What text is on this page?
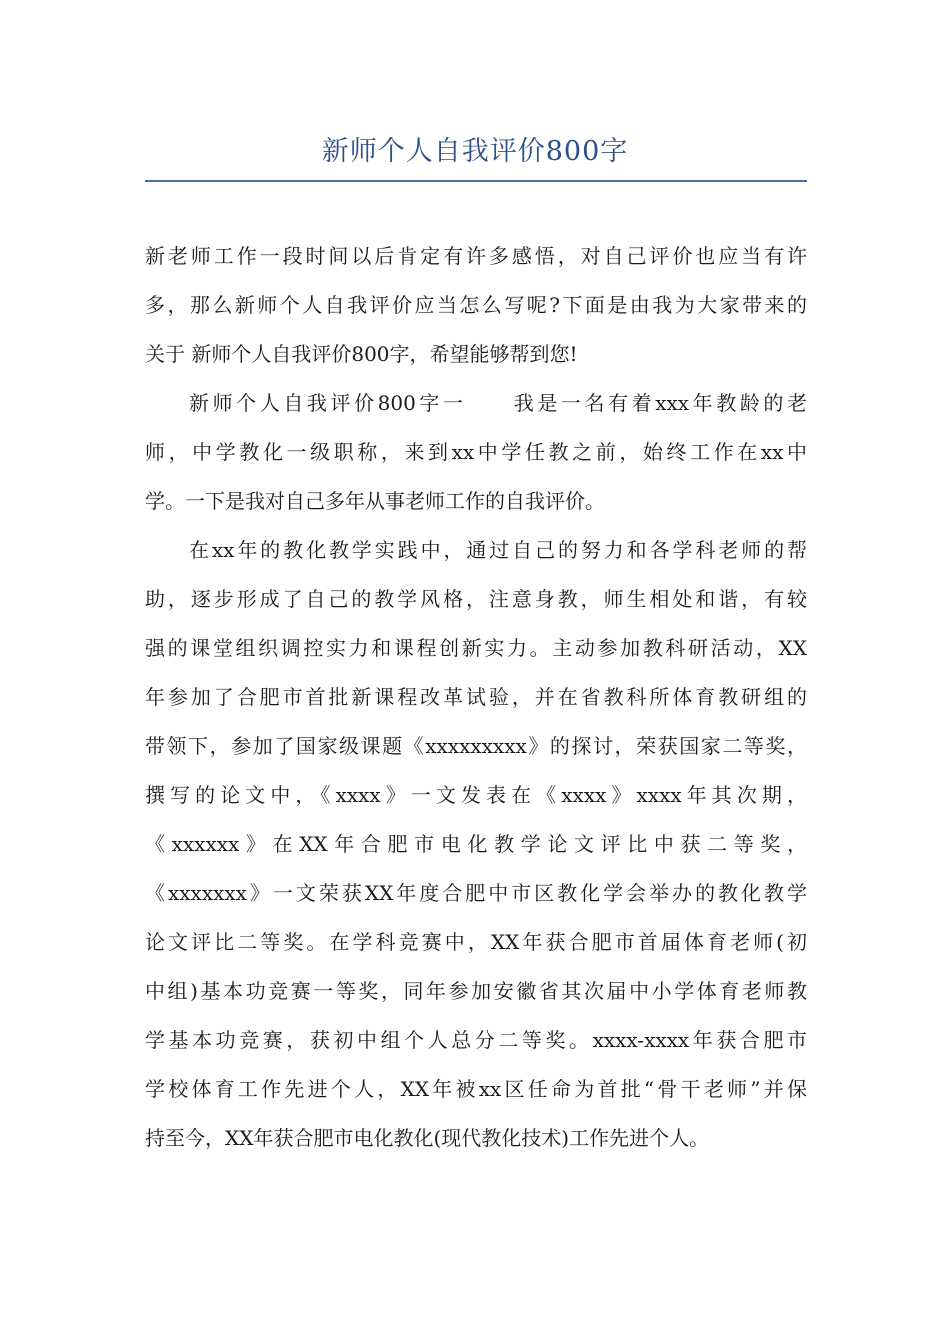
新师个人自我评价800字
新老师工作一段时间以后肯定有许多感悟，对自己评价也应当有许
多，那么新师个人自我评价应当怎么写呢?下面是由我为大家带来的
关于 新师个人自我评价800字，希望能够帮到您!
新师个人自我评价800字一　　我是一名有着xxx年教龄的老
师，中学教化一级职称，来到xx中学任教之前，始终工作在xx中
学。一下是我对自己多年从事老师工作的自我评价。
在xx年的教化教学实践中，通过自己的努力和各学科老师的帮
助，逐步形成了自己的教学风格，注意身教，师生相处和谐，有较
强的课堂组织调控实力和课程创新实力。主动参加教科研活动，XX
年参加了合肥市首批新课程改革试验，并在省教科所体育教研组的
带领下，参加了国家级课题《xxxxxxxxx》的探讨，荣获国家二等奖，
撰写的论文中，《xxxx》一文发表在《xxxx》xxxx年其次期，
《xxxxxx》在XX年合肥市电化教学论文评比中获二等奖，
《xxxxxxx》一文荣获XX年度合肥中市区教化学会举办的教化教学
论文评比二等奖。在学科竞赛中，XX年获合肥市首届体育老师(初
中组)基本功竞赛一等奖，同年参加安徽省其次届中小学体育老师教
学基本功竞赛，获初中组个人总分二等奖。xxxx-xxxx年获合肥市
学校体育工作先进个人，XX年被xx区任命为首批“骨干老师”并保
持至今，XX年获合肥市电化教化(现代教化技术)工作先进个人。
